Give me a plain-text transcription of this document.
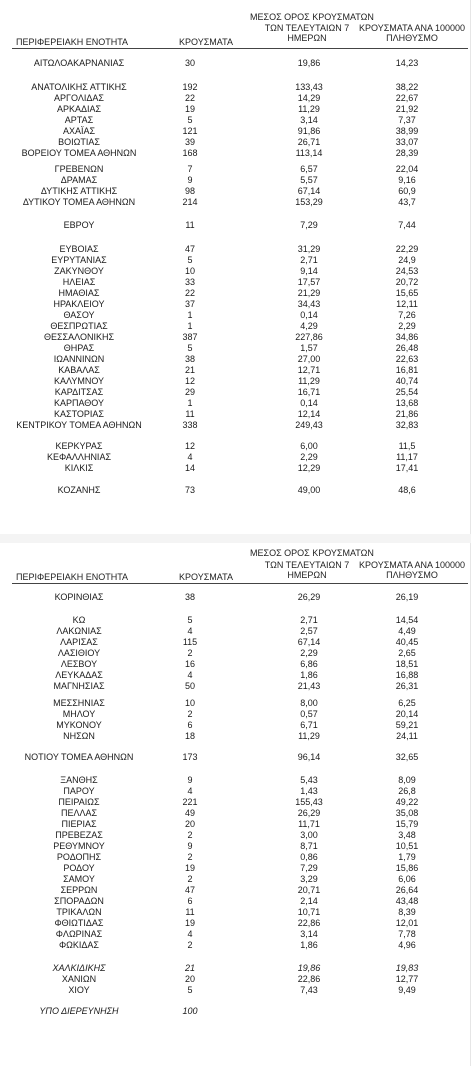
ΜΕΣΟΣ ΟΡΟΣ ΚΡΟΥΣΜΑΤΩΝ
ΤΩΝ ΤΕΛΕΥΤΑΙΩΝ 7
ΗΜΕΡΩΝ
ΚΡΟΥΣΜΑΤΑ ΑΝΑ 100000
ΠΛΗΘΥΣΜΟ
ΠΕΡΙΦΕΡΕΙΑΚΗ ΕΝΟΤΗΤΑ	ΚΡΟΥΣΜΑΤΑ
ΑΙΤΩΛΟΑΚΑΡΝΑΝΙΑΣ	30	19,86	14,23
ΑΝΑΤΟΛΙΚΗΣ ΑΤΤΙΚΗΣ	192	133,43	38,22
ΑΡΓΟΛΙΔΑΣ	22	14,29	22,67
ΑΡΚΑΔΙΑΣ	19	11,29	21,92
ΑΡΤΑΣ	5	3,14	7,37
ΑΧΑΪΑΣ	121	91,86	38,99
ΒΟΙΩΤΙΑΣ	39	26,71	33,07
ΒΟΡΕΙΟΥ ΤΟΜΕΑ ΑΘΗΝΩΝ	168	113,14	28,39
ΓΡΕΒΕΝΩΝ	7	6,57	22,04
ΔΡΑΜΑΣ	9	5,57	9,16
ΔΥΤΙΚΗΣ ΑΤΤΙΚΗΣ	98	67,14	60,9
ΔΥΤΙΚΟΥ ΤΟΜΕΑ ΑΘΗΝΩΝ	214	153,29	43,7
ΕΒΡΟΥ	11	7,29	7,44
ΕΥΒΟΙΑΣ	47	31,29	22,29
ΕΥΡΥΤΑΝΙΑΣ	5	2,71	24,9
ΖΑΚΥΝΘΟΥ	10	9,14	24,53
ΗΛΕΙΑΣ	33	17,57	20,72
ΗΜΑΘΙΑΣ	22	21,29	15,65
ΗΡΑΚΛΕΙΟΥ	37	34,43	12,11
ΘΑΣΟΥ	1	0,14	7,26
ΘΕΣΠΡΩΤΙΑΣ	1	4,29	2,29
ΘΕΣΣΑΛΟΝΙΚΗΣ	387	227,86	34,86
ΘΗΡΑΣ	5	1,57	26,48
ΙΩΑΝΝΙΝΩΝ	38	27,00	22,63
ΚΑΒΑΛΑΣ	21	12,71	16,81
ΚΑΛΥΜΝΟΥ	12	11,29	40,74
ΚΑΡΔΙΤΣΑΣ	29	16,71	25,54
ΚΑΡΠΑΘΟΥ	1	0,14	13,68
ΚΑΣΤΟΡΙΑΣ	11	12,14	21,86
ΚΕΝΤΡΙΚΟΥ ΤΟΜΕΑ ΑΘΗΝΩΝ	338	249,43	32,83
ΚΕΡΚΥΡΑΣ	12	6,00	11,5
ΚΕΦΑΛΛΗΝΙΑΣ	4	2,29	11,17
ΚΙΛΚΙΣ	14	12,29	17,41
ΚΟΖΑΝΗΣ	73	49,00	48,6
ΜΕΣΟΣ ΟΡΟΣ ΚΡΟΥΣΜΑΤΩΝ
ΤΩΝ ΤΕΛΕΥΤΑΙΩΝ 7
ΗΜΕΡΩΝ
ΚΡΟΥΣΜΑΤΑ ΑΝΑ 100000
ΠΛΗΘΥΣΜΟ
ΠΕΡΙΦΕΡΕΙΑΚΗ ΕΝΟΤΗΤΑ	ΚΡΟΥΣΜΑΤΑ
ΚΟΡΙΝΘΙΑΣ	38	26,29	26,19
ΚΩ	5	2,71	14,54
ΛΑΚΩΝΙΑΣ	4	2,57	4,49
ΛΑΡΙΣΑΣ	115	67,14	40,45
ΛΑΣΙΘΙΟΥ	2	2,29	2,65
ΛΕΣΒΟΥ	16	6,86	18,51
ΛΕΥΚΑΔΑΣ	4	1,86	16,88
ΜΑΓΝΗΣΙΑΣ	50	21,43	26,31
ΜΕΣΣΗΝΙΑΣ	10	8,00	6,25
ΜΗΛΟΥ	2	0,57	20,14
ΜΥΚΟΝΟΥ	6	6,71	59,21
ΝΗΣΩΝ	18	11,29	24,11
ΝΟΤΙΟΥ ΤΟΜΕΑ ΑΘΗΝΩΝ	173	96,14	32,65
ΞΑΝΘΗΣ	9	5,43	8,09
ΠΑΡΟΥ	4	1,43	26,8
ΠΕΙΡΑΙΩΣ	221	155,43	49,22
ΠΕΛΛΑΣ	49	26,29	35,08
ΠΙΕΡΙΑΣ	20	11,71	15,79
ΠΡΕΒΕΖΑΣ	2	3,00	3,48
ΡΕΘΥΜΝΟΥ	9	8,71	10,51
ΡΟΔΟΠΗΣ	2	0,86	1,79
ΡΟΔΟΥ	19	7,29	15,86
ΣΑΜΟΥ	2	3,29	6,06
ΣΕΡΡΩΝ	47	20,71	26,64
ΣΠΟΡΑΔΩΝ	6	2,14	43,48
ΤΡΙΚΑΛΩΝ	11	10,71	8,39
ΦΘΙΩΤΙΔΑΣ	19	22,86	12,01
ΦΛΩΡΙΝΑΣ	4	3,14	7,78
ΦΩΚΙΔΑΣ	2	1,86	4,96
ΧΑΛΚΙΔΙΚΗΣ	21	19,86	19,83
ΧΑΝΙΩΝ	20	22,86	12,77
ΧΙΟΥ	5	7,43	9,49
ΥΠΟ ΔΙΕΡΕΥΝΗΣΗ	100
